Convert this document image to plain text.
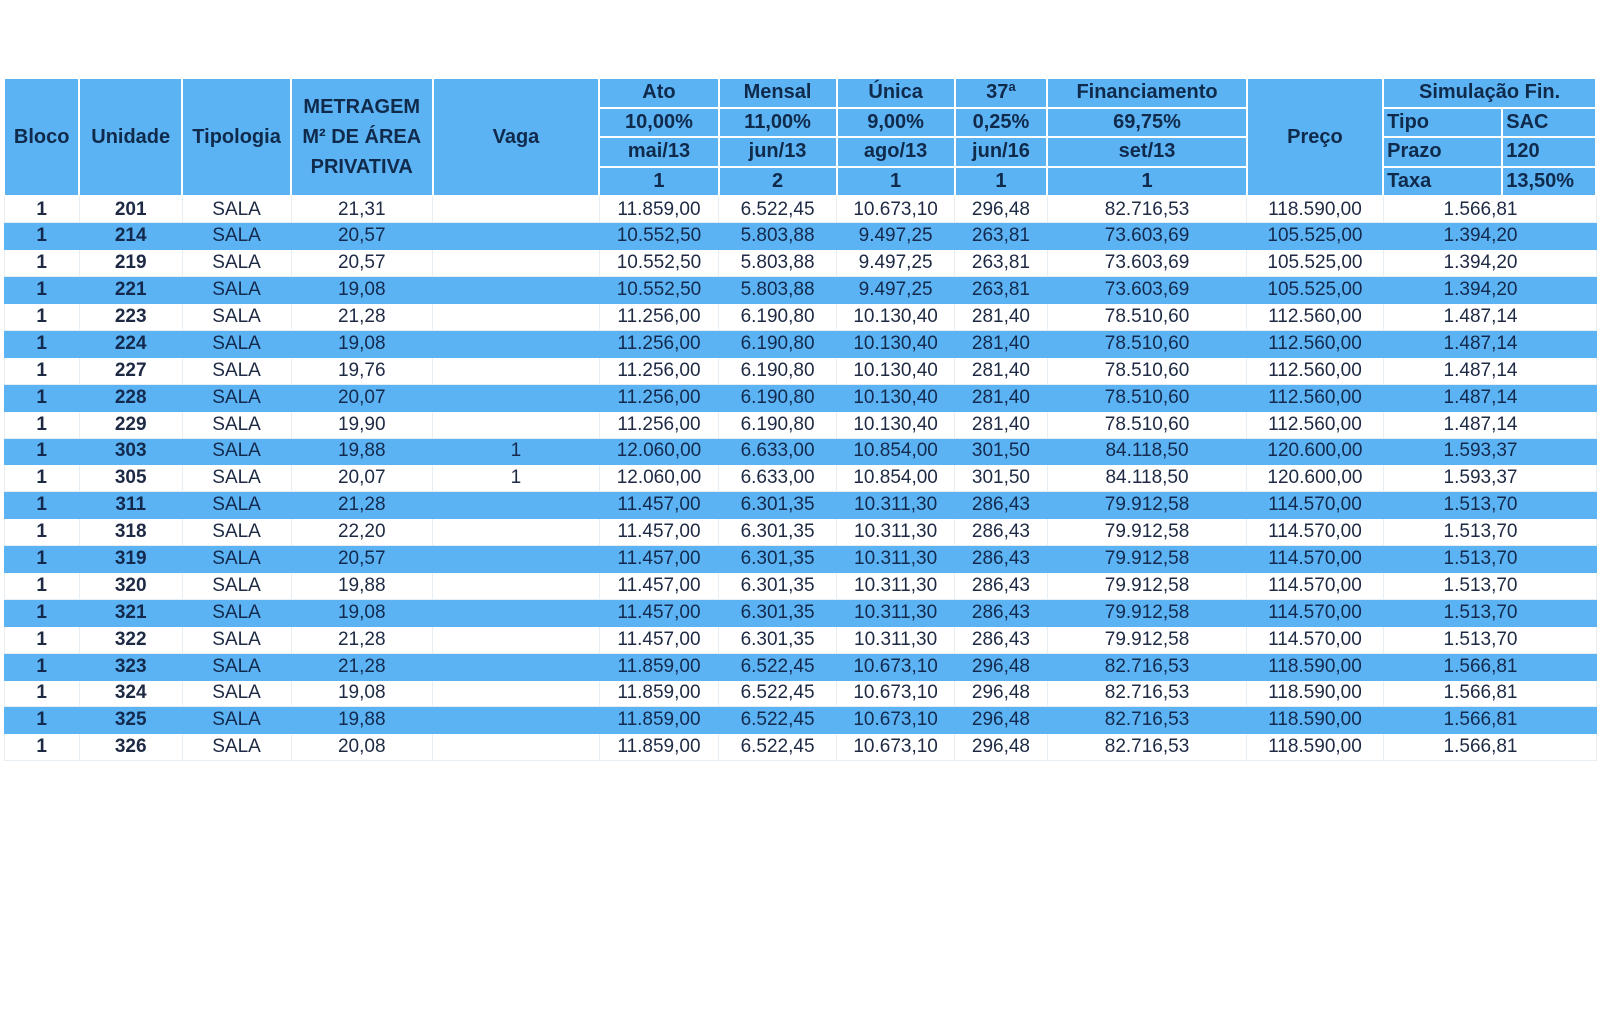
Bloco	Unidade	Tipologia	METRAGEM
M² DE ÁREA
PRIVATIVA	Vaga	Ato	Mensal	Única	37ª	Financiamento	Preço	Simulação Fin.	
					10,00%	11,00%	9,00%	0,25%	69,75%		Tipo	SAC
					mai/13	jun/13	ago/13	jun/16	set/13		Prazo	120
					1	2	1	1	1		Taxa	13,50%
1	201	SALA	21,31		11.859,00	6.522,45	10.673,10	296,48	82.716,53	118.590,00	1.566,81	
1	214	SALA	20,57		10.552,50	5.803,88	9.497,25	263,81	73.603,69	105.525,00	1.394,20	
1	219	SALA	20,57		10.552,50	5.803,88	9.497,25	263,81	73.603,69	105.525,00	1.394,20	
1	221	SALA	19,08		10.552,50	5.803,88	9.497,25	263,81	73.603,69	105.525,00	1.394,20	
1	223	SALA	21,28		11.256,00	6.190,80	10.130,40	281,40	78.510,60	112.560,00	1.487,14	
1	224	SALA	19,08		11.256,00	6.190,80	10.130,40	281,40	78.510,60	112.560,00	1.487,14	
1	227	SALA	19,76		11.256,00	6.190,80	10.130,40	281,40	78.510,60	112.560,00	1.487,14	
1	228	SALA	20,07		11.256,00	6.190,80	10.130,40	281,40	78.510,60	112.560,00	1.487,14	
1	229	SALA	19,90		11.256,00	6.190,80	10.130,40	281,40	78.510,60	112.560,00	1.487,14	
1	303	SALA	19,88	1	12.060,00	6.633,00	10.854,00	301,50	84.118,50	120.600,00	1.593,37	
1	305	SALA	20,07	1	12.060,00	6.633,00	10.854,00	301,50	84.118,50	120.600,00	1.593,37	
1	311	SALA	21,28		11.457,00	6.301,35	10.311,30	286,43	79.912,58	114.570,00	1.513,70	
1	318	SALA	22,20		11.457,00	6.301,35	10.311,30	286,43	79.912,58	114.570,00	1.513,70	
1	319	SALA	20,57		11.457,00	6.301,35	10.311,30	286,43	79.912,58	114.570,00	1.513,70	
1	320	SALA	19,88		11.457,00	6.301,35	10.311,30	286,43	79.912,58	114.570,00	1.513,70	
1	321	SALA	19,08		11.457,00	6.301,35	10.311,30	286,43	79.912,58	114.570,00	1.513,70	
1	322	SALA	21,28		11.457,00	6.301,35	10.311,30	286,43	79.912,58	114.570,00	1.513,70	
1	323	SALA	21,28		11.859,00	6.522,45	10.673,10	296,48	82.716,53	118.590,00	1.566,81	
1	324	SALA	19,08		11.859,00	6.522,45	10.673,10	296,48	82.716,53	118.590,00	1.566,81	
1	325	SALA	19,88		11.859,00	6.522,45	10.673,10	296,48	82.716,53	118.590,00	1.566,81	
1	326	SALA	20,08		11.859,00	6.522,45	10.673,10	296,48	82.716,53	118.590,00	1.566,81	
